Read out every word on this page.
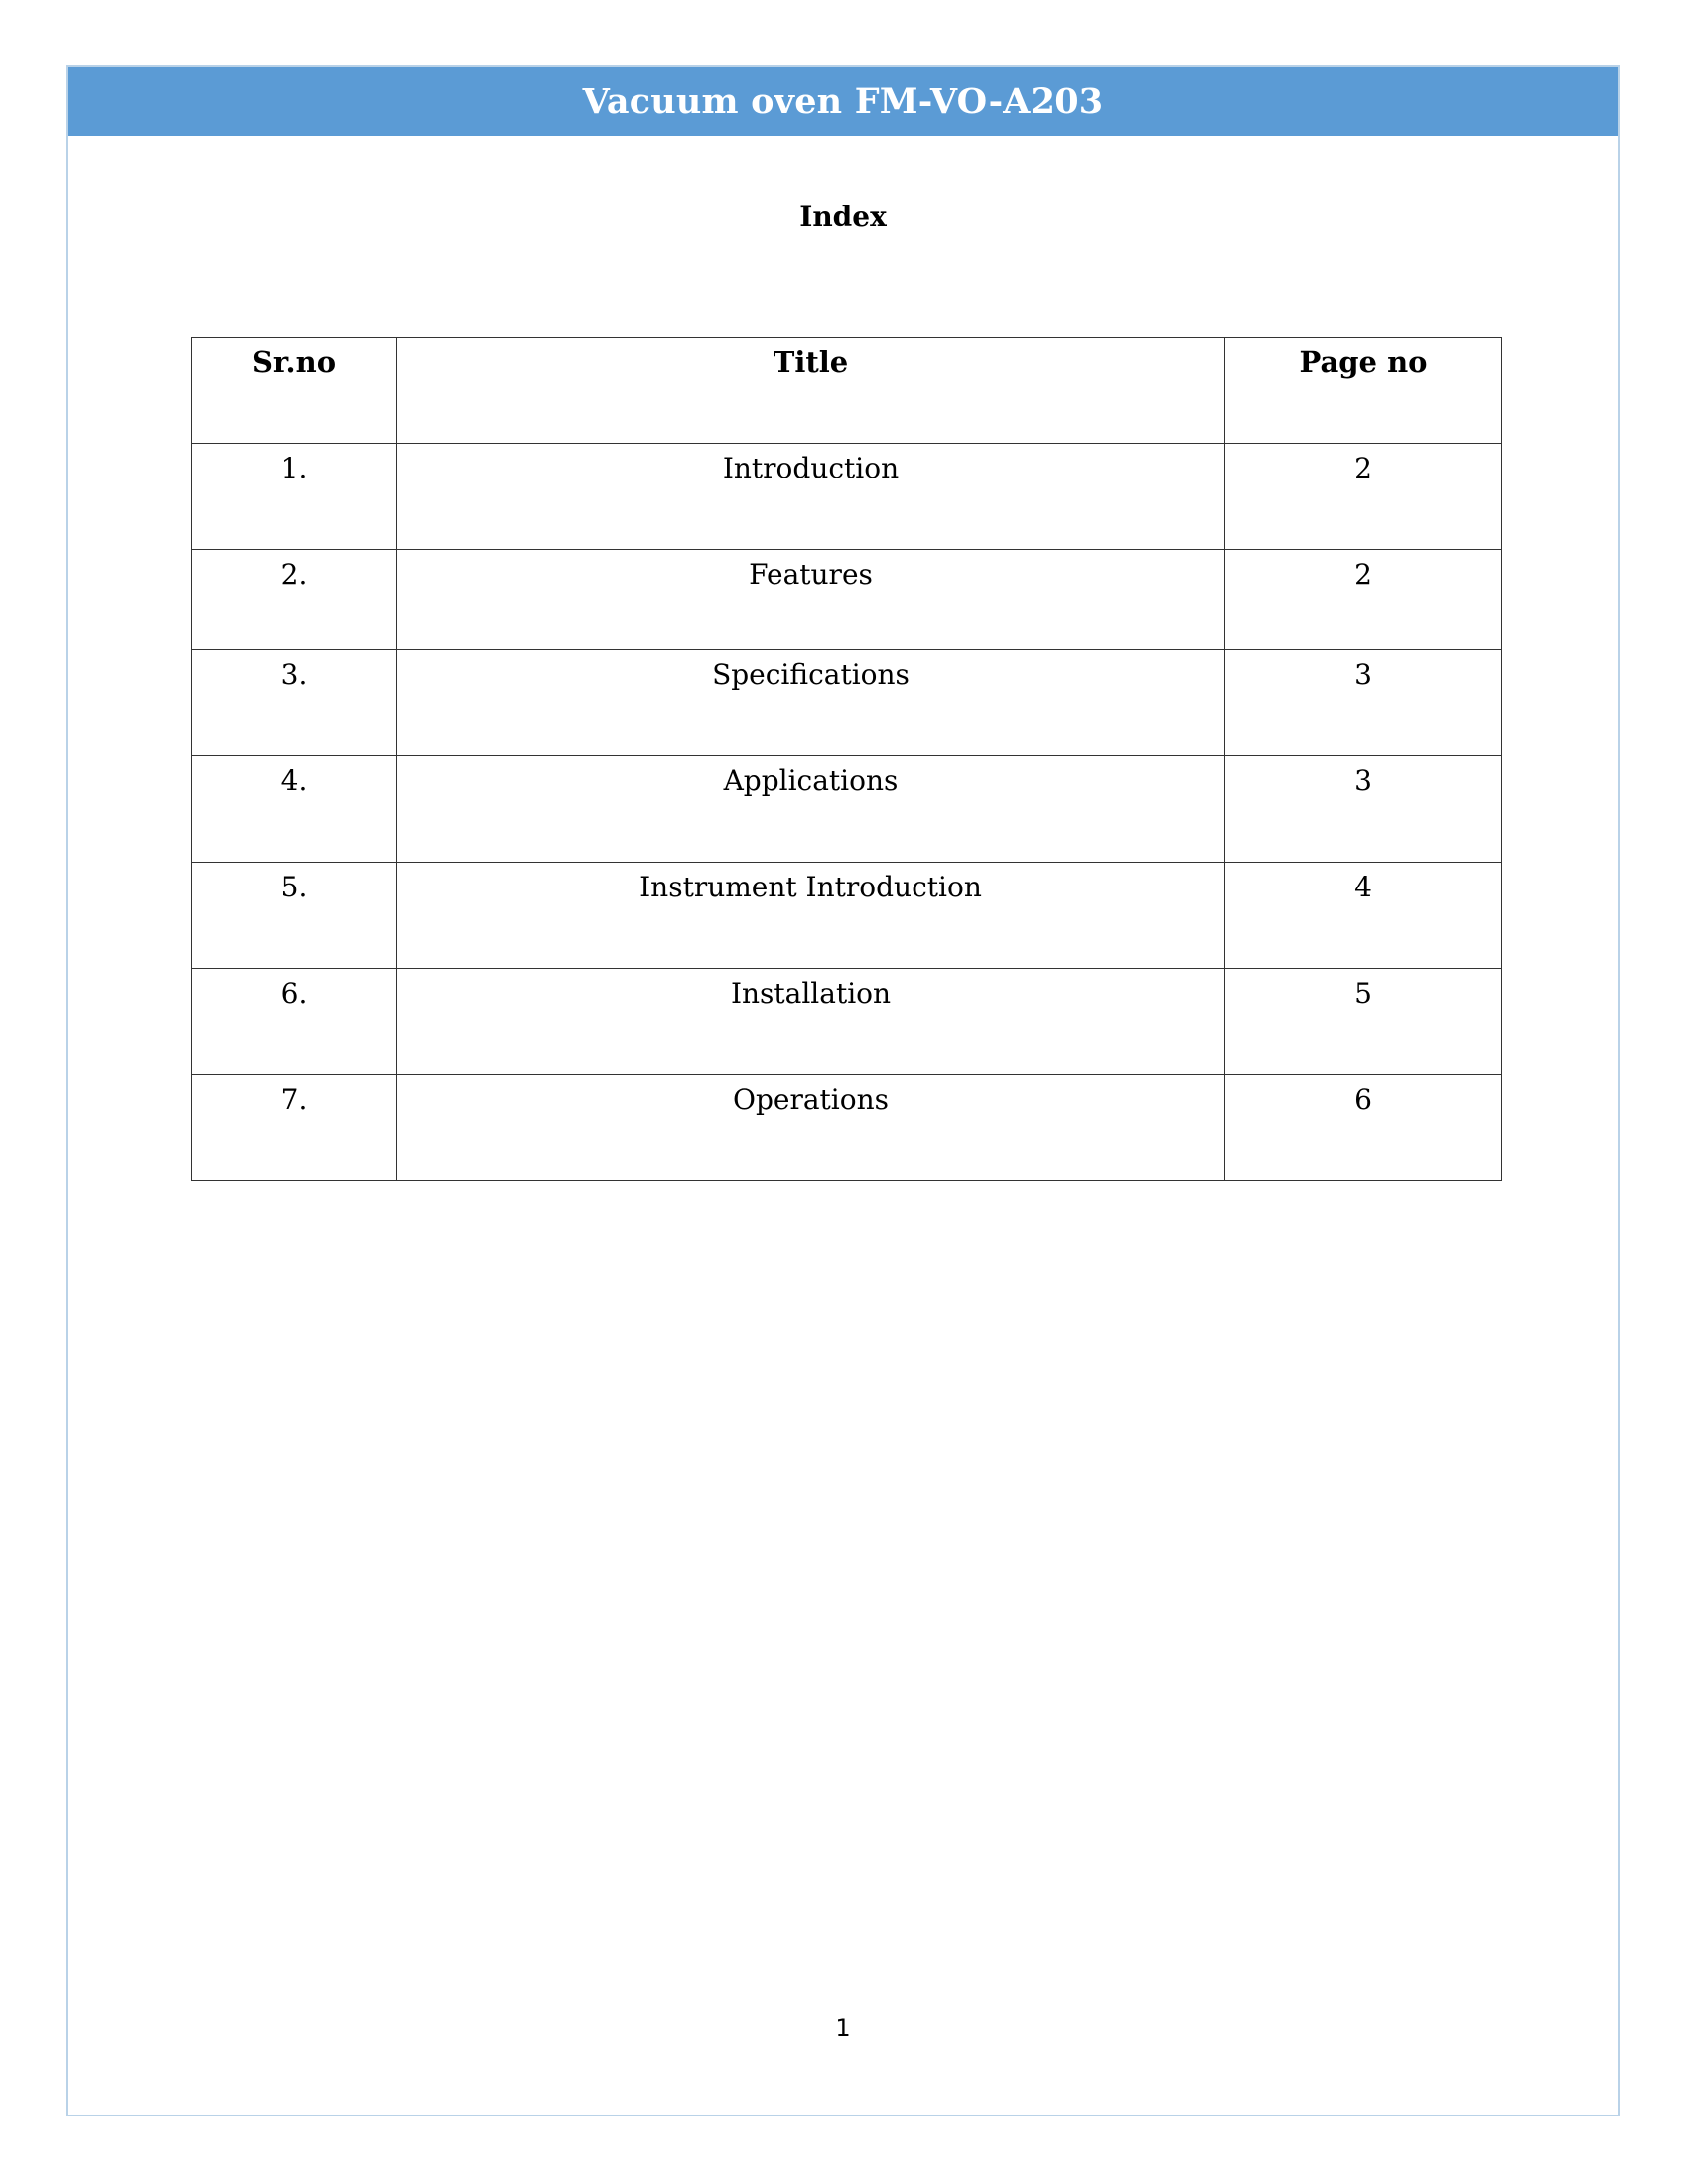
Vacuum oven FM-VO-A203
Index
Sr.no	Title	Page no
1.	Introduction	2
2.	Features	2
3.	Specifications	3
4.	Applications	3
5.	Instrument Introduction	4
6.	Installation	5
7.	Operations	6
1
